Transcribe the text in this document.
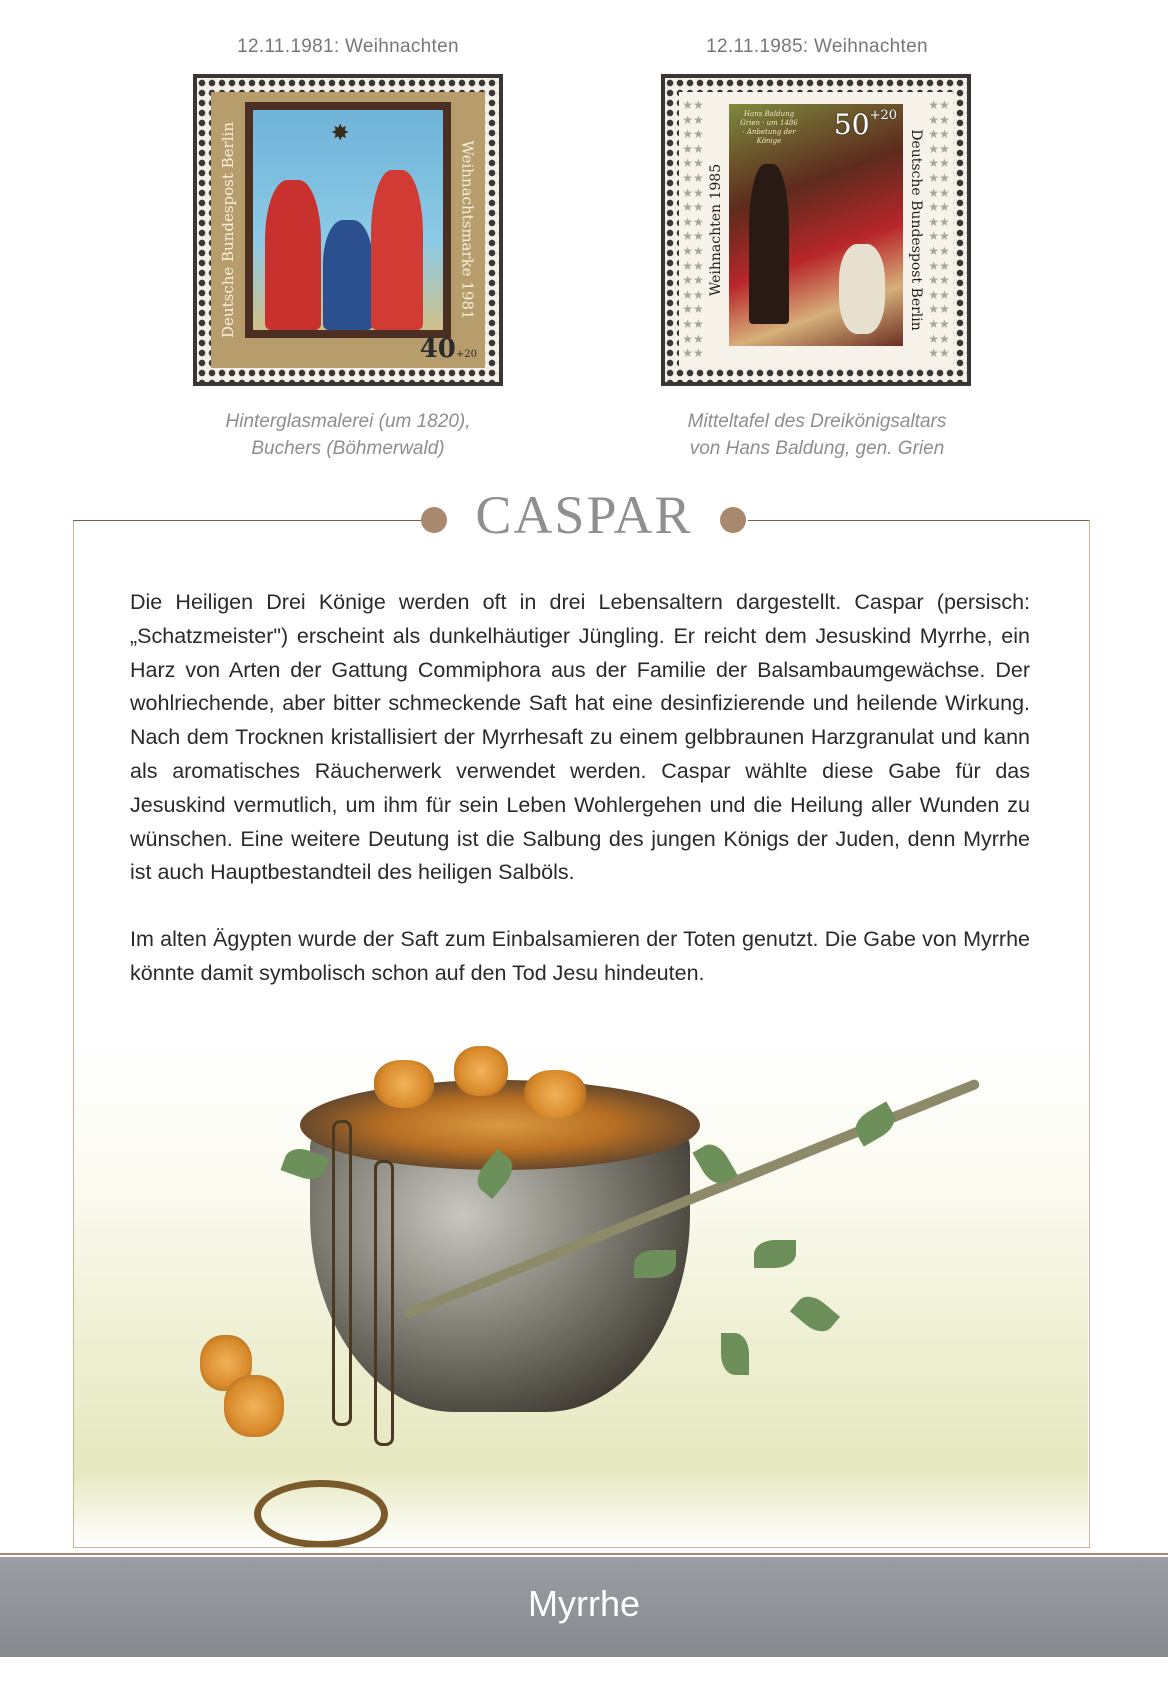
12.11.1981: Weihnachten
Deutsche Bundespost Berlin	Weihnachtsmarke 1981
✸
40+20
Hinterglasmalerei (um 1820),
Buchers (Böhmerwald)
12.11.1985: Weihnachten
★★
★★
★★
★★
★★
★★
★★
★★
★★
★★
★★
★★
★★
★★
★★
★★
★★
★★
★★
★★
★★
★★
★★
★★
★★
★★
★★
★★
★★
★★
★★
★★
★★
★★
★★
★★
Weihnachten 1985	Deutsche Bundespost Berlin
Hans Baldung Grien · um 1486 · Anbetung der Könige	$50^{+20}$
Mitteltafel des Dreikönigsaltars
von Hans Baldung, gen. Grien
CASPAR

Die Heiligen Drei Könige werden oft in drei Lebensaltern dargestellt. Caspar (persisch: „Schatzmeister") erscheint als dunkelhäutiger Jüngling. Er reicht dem Jesuskind Myrrhe, ein Harz von Arten der Gattung Commiphora aus der Familie der Balsambaumgewächse. Der wohlriechende, aber bitter schmeckende Saft hat eine desinfizierende und heilende Wirkung. Nach dem Trocknen kristallisiert der Myrrhesaft zu einem gelbbraunen Harzgranulat und kann als aromatisches Räucherwerk verwendet werden. Caspar wählte diese Gabe für das Jesuskind vermutlich, um ihm für sein Leben Wohlergehen und die Heilung aller Wunden zu wünschen. Eine weitere Deutung ist die Salbung des jungen Königs der Juden, denn Myrrhe ist auch Hauptbestandteil des heiligen Salböls.

Im alten Ägypten wurde der Saft zum Einbalsamieren der Toten genutzt. Die Gabe von Myrrhe könnte damit symbolisch schon auf den Tod Jesu hindeuten.

Myrrhe
